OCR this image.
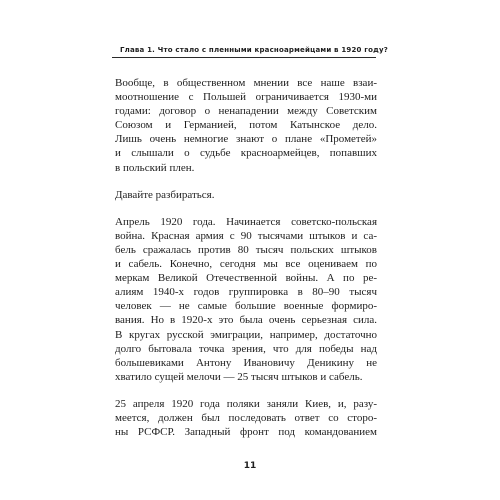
Глава 1. Что стало с пленными красноармейцами в 1920 году?
Вообще, в общественном мнении все наше взаи-
моотношение с Польшей ограничивается 1930-ми
годами: договор о ненападении между Советским
Союзом и Германией, потом Катынское дело.
Лишь очень немногие знают о плане «Прометей»
и слышали о судьбе красноармейцев, попавших
в польский плен.
Давайте разбираться.
Апрель 1920 года. Начинается советско-польская
война. Красная армия с 90 тысячами штыков и са-
бель сражалась против 80 тысяч польских штыков
и сабель. Конечно, сегодня мы все оцениваем по
меркам Великой Отечественной войны. А по ре-
алиям 1940-х годов группировка в 80–90 тысяч
человек — не самые большие военные формиро-
вания. Но в 1920-х это была очень серьезная сила.
В кругах русской эмиграции, например, достаточно
долго бытовала точка зрения, что для победы над
большевиками Антону Ивановичу Деникину не
хватило сущей мелочи — 25 тысяч штыков и сабель.
25 апреля 1920 года поляки заняли Киев, и, разу-
меется, должен был последовать ответ со сторо-
ны РСФСР. Западный фронт под командованием
11
